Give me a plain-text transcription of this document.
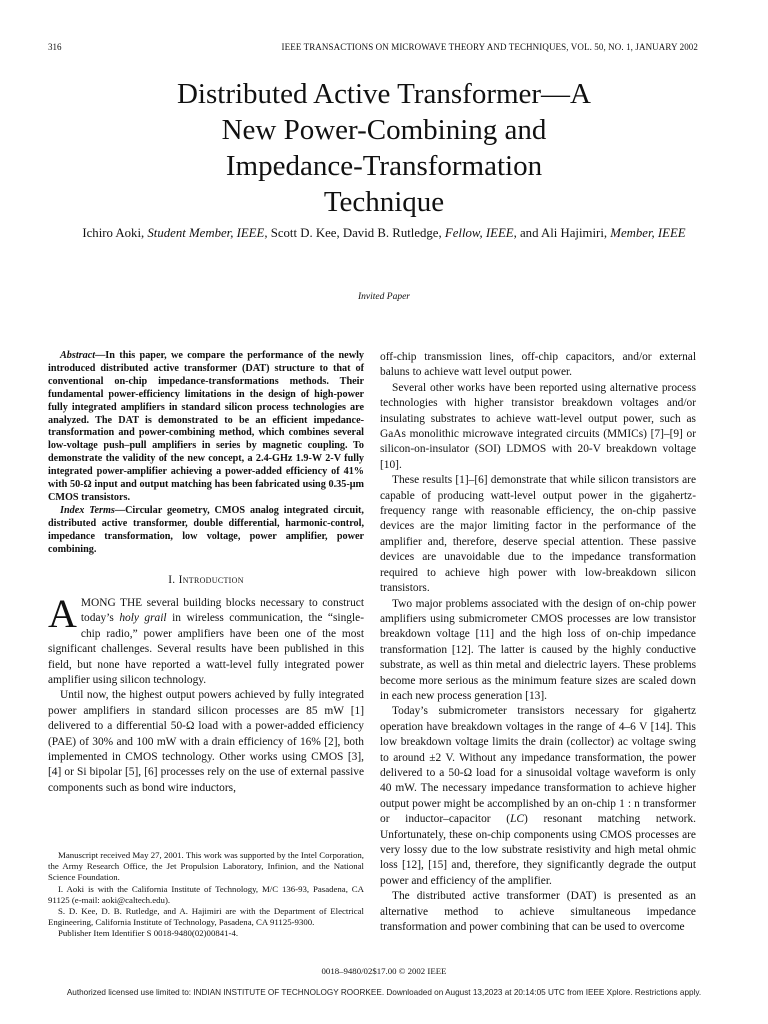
316	IEEE TRANSACTIONS ON MICROWAVE THEORY AND TECHNIQUES, VOL. 50, NO. 1, JANUARY 2002
Distributed Active Transformer—A
New Power-Combining and
Impedance-Transformation
Technique

Ichiro Aoki, Student Member, IEEE, Scott D. Kee, David B. Rutledge, Fellow, IEEE, and Ali Hajimiri, Member, IEEE

Invited Paper

Abstract—In this paper, we compare the performance of the newly introduced distributed active transformer (DAT) structure to that of conventional on-chip impedance-transformations methods. Their fundamental power-efficiency limitations in the design of high-power fully integrated amplifiers in standard silicon process technologies are analyzed. The DAT is demonstrated to be an efficient impedance-transformation and power-combining method, which combines several low-voltage push–pull amplifiers in series by magnetic coupling. To demonstrate the validity of the new concept, a 2.4-GHz 1.9-W 2-V fully integrated power-amplifier achieving a power-added efficiency of 41% with 50-Ω input and output matching has been fabricated using 0.35-μm CMOS transistors.

Index Terms—Circular geometry, CMOS analog integrated circuit, distributed active transformer, double differential, harmonic-control, impedance transformation, low voltage, power amplifier, power combining.

I. Introduction

AMONG THE several building blocks necessary to construct today’s holy grail in wireless communication, the “single-chip radio,” power amplifiers have been one of the most significant challenges. Several results have been published in this field, but none have reported a watt-level fully integrated power amplifier using silicon technology.

Until now, the highest output powers achieved by fully integrated power amplifiers in standard silicon processes are 85 mW [1] delivered to a differential 50-Ω load with a power-added efficiency (PAE) of 30% and 100 mW with a drain efficiency of 16% [2], both implemented in CMOS technology. Other works using CMOS [3], [4] or Si bipolar [5], [6] processes rely on the use of external passive components such as bond wire inductors,

Manuscript received May 27, 2001. This work was supported by the Intel Corporation, the Army Research Office, the Jet Propulsion Laboratory, Infinion, and the National Science Foundation.

I. Aoki is with the California Institute of Technology, M/C 136-93, Pasadena, CA 91125 (e-mail: aoki@caltech.edu).

S. D. Kee, D. B. Rutledge, and A. Hajimiri are with the Department of Electrical Engineering, California Institute of Technology, Pasadena, CA 91125-9300.

Publisher Item Identifier S 0018-9480(02)00841-4.

off-chip transmission lines, off-chip capacitors, and/or external baluns to achieve watt level output power.

Several other works have been reported using alternative process technologies with higher transistor breakdown voltages and/or insulating substrates to achieve watt-level output power, such as GaAs monolithic microwave integrated circuits (MMICs) [7]–[9] or silicon-on-insulator (SOI) LDMOS with 20-V breakdown voltage [10].

These results [1]–[6] demonstrate that while silicon transistors are capable of producing watt-level output power in the gigahertz-frequency range with reasonable efficiency, the on-chip passive devices are the major limiting factor in the performance of the amplifier and, therefore, deserve special attention. These passive devices are unavoidable due to the impedance transformation required to achieve high power with low-breakdown silicon transistors.

Two major problems associated with the design of on-chip power amplifiers using submicrometer CMOS processes are low transistor breakdown voltage [11] and the high loss of on-chip impedance transformation [12]. The latter is caused by the highly conductive substrate, as well as thin metal and dielectric layers. These problems become more serious as the minimum feature sizes are scaled down in each new process generation [13].

Today’s submicrometer transistors necessary for gigahertz operation have breakdown voltages in the range of 4–6 V [14]. This low breakdown voltage limits the drain (collector) ac voltage swing to around ±2 V. Without any impedance transformation, the power delivered to a 50-Ω load for a sinusoidal voltage waveform is only 40 mW. The necessary impedance transformation to achieve higher output power might be accomplished by an on-chip 1 : n transformer or inductor–capacitor (LC) resonant matching network. Unfortunately, these on-chip components using CMOS processes are very lossy due to the low substrate resistivity and high metal ohmic loss [12], [15] and, therefore, they significantly degrade the output power and efficiency of the amplifier.

The distributed active transformer (DAT) is presented as an alternative method to achieve simultaneous impedance transformation and power combining that can be used to overcome

0018–9480/02$17.00 © 2002 IEEE
Authorized licensed use limited to: INDIAN INSTITUTE OF TECHNOLOGY ROORKEE. Downloaded on August 13,2023 at 20:14:05 UTC from IEEE Xplore. Restrictions apply.
